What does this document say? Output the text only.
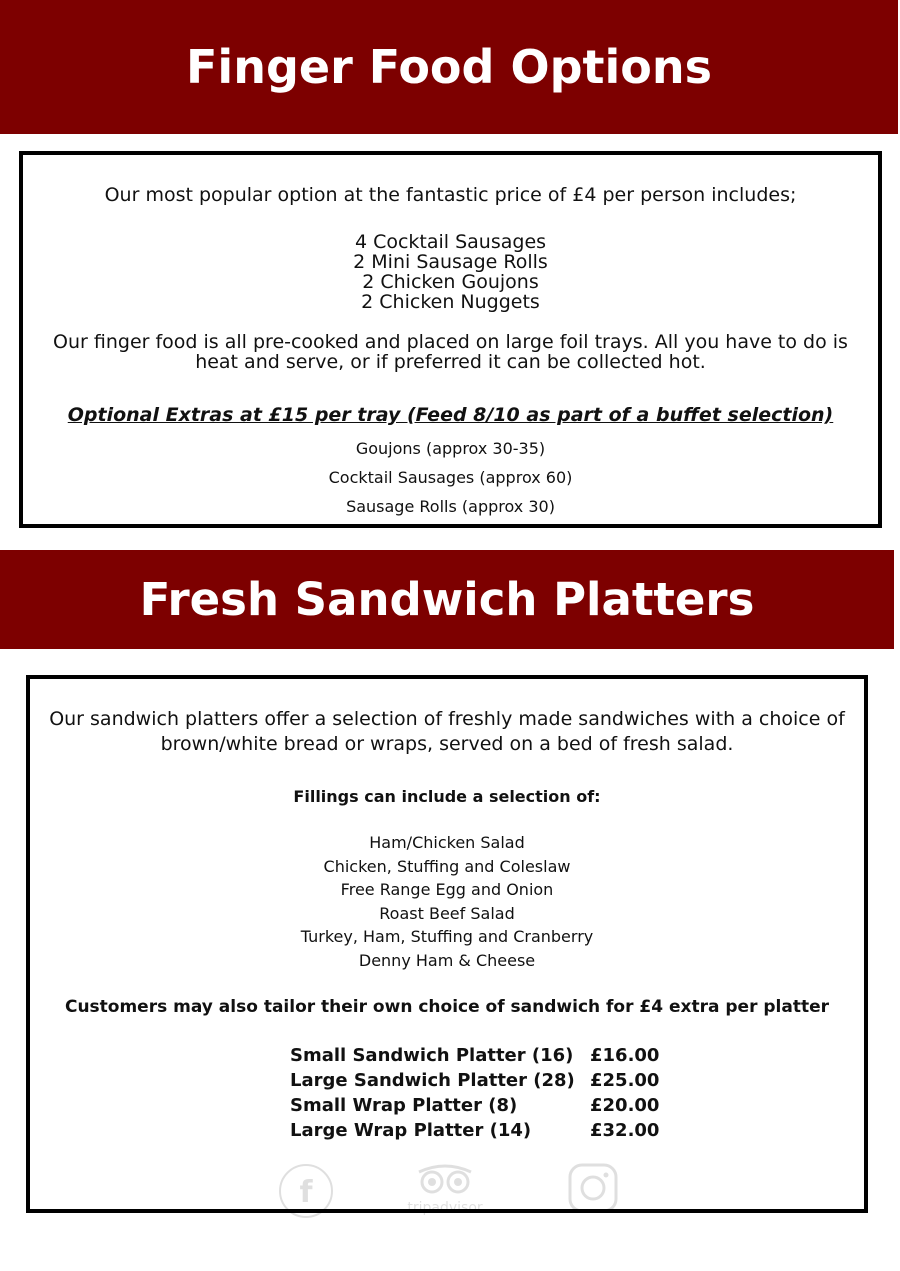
Finger Food Options
Our most popular option at the fantastic price of £4 per person includes;
4 Cocktail Sausages
2 Mini Sausage Rolls
2 Chicken Goujons
2 Chicken Nuggets
Our finger food is all pre-cooked and placed on large foil trays. All you have to do is
heat and serve, or if preferred it can be collected hot.
Optional Extras at £15 per tray (Feed 8/10 as part of a buffet selection)
Goujons (approx 30-35)
Cocktail Sausages (approx 60)
Sausage Rolls (approx 30)
Fresh Sandwich Platters
Our sandwich platters offer a selection of freshly made sandwiches with a choice of
brown/white bread or wraps, served on a bed of fresh salad.
Fillings can include a selection of:
Ham/Chicken Salad
Chicken, Stuffing and Coleslaw
Free Range Egg and Onion
Roast Beef Salad
Turkey, Ham, Stuffing and Cranberry
Denny Ham & Cheese
Customers may also tailor their own choice of sandwich for £4 extra per platter
Small Sandwich Platter (16)	£16.00
Large Sandwich Platter (28)	£25.00
Small Wrap Platter (8)	£20.00
Large Wrap Platter (14)	£32.00
f	tripadvisor
